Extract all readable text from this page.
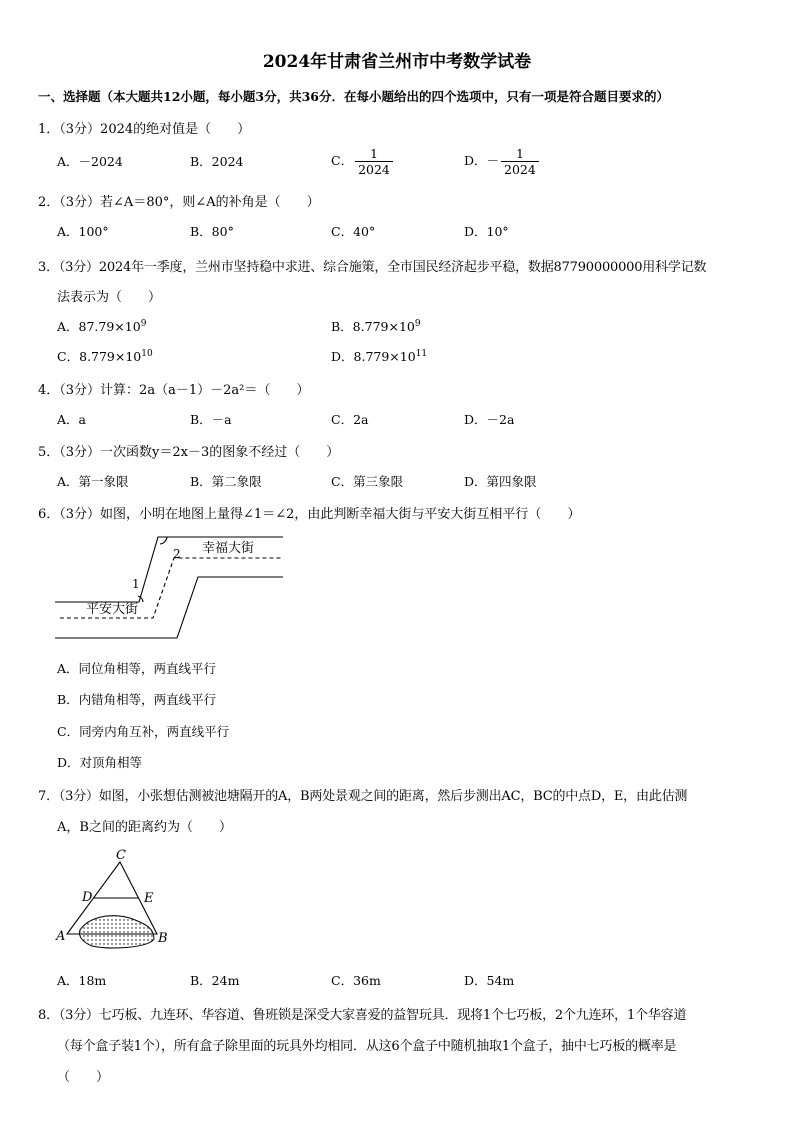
2024年甘肃省兰州市中考数学试卷
一、选择题（本大题共12小题，每小题3分，共36分．在每小题给出的四个选项中，只有一项是符合题目要求的）
1．（3分）2024的绝对值是（　　）
A．－2024	B．2024	C． $\frac{1}{2024}$	D．－ $\frac{1}{2024}$
2．（3分）若∠A＝80°，则∠A的补角是（　　）
A．100°	B．80°	C．40°	D．10°
3．（3分）2024年一季度，兰州市坚持稳中求进、综合施策，全市国民经济起步平稳，数据87790000000用科学记数
法表示为（　　）
A．$87.79\times 10^9$	B．$8.779\times 10^9$
C．$8.779\times 10^{10}$	D．$8.779\times 10^{11}$
4．（3分）计算：2a（a－1）－2a²＝（　　）
A．a	B．－a	C．2a	D．－2a
5．（3分）一次函数y＝2x－3的图象不经过（　　）
A．第一象限	B．第二象限	C．第三象限	D．第四象限
6．（3分）如图，小明在地图上量得∠1＝∠2，由此判断幸福大街与平安大街互相平行（　　）
1
2 幸福大街
平安大街
A．同位角相等，两直线平行
B．内错角相等，两直线平行
C．同旁内角互补，两直线平行
D．对顶角相等
7．（3分）如图，小张想估测被池塘隔开的A，B两处景观之间的距离，然后步测出AC，BC的中点D，E，由此估测
A，B之间的距离约为（　　）
C
D	E
A	B
A．18m	B．24m	C．36m	D．54m
8．（3分）七巧板、九连环、华容道、鲁班锁是深受大家喜爱的益智玩具．现将1个七巧板，2个九连环，1个华容道
（每个盒子装1个），所有盒子除里面的玩具外均相同．从这6个盒子中随机抽取1个盒子，抽中七巧板的概率是
（　　）
